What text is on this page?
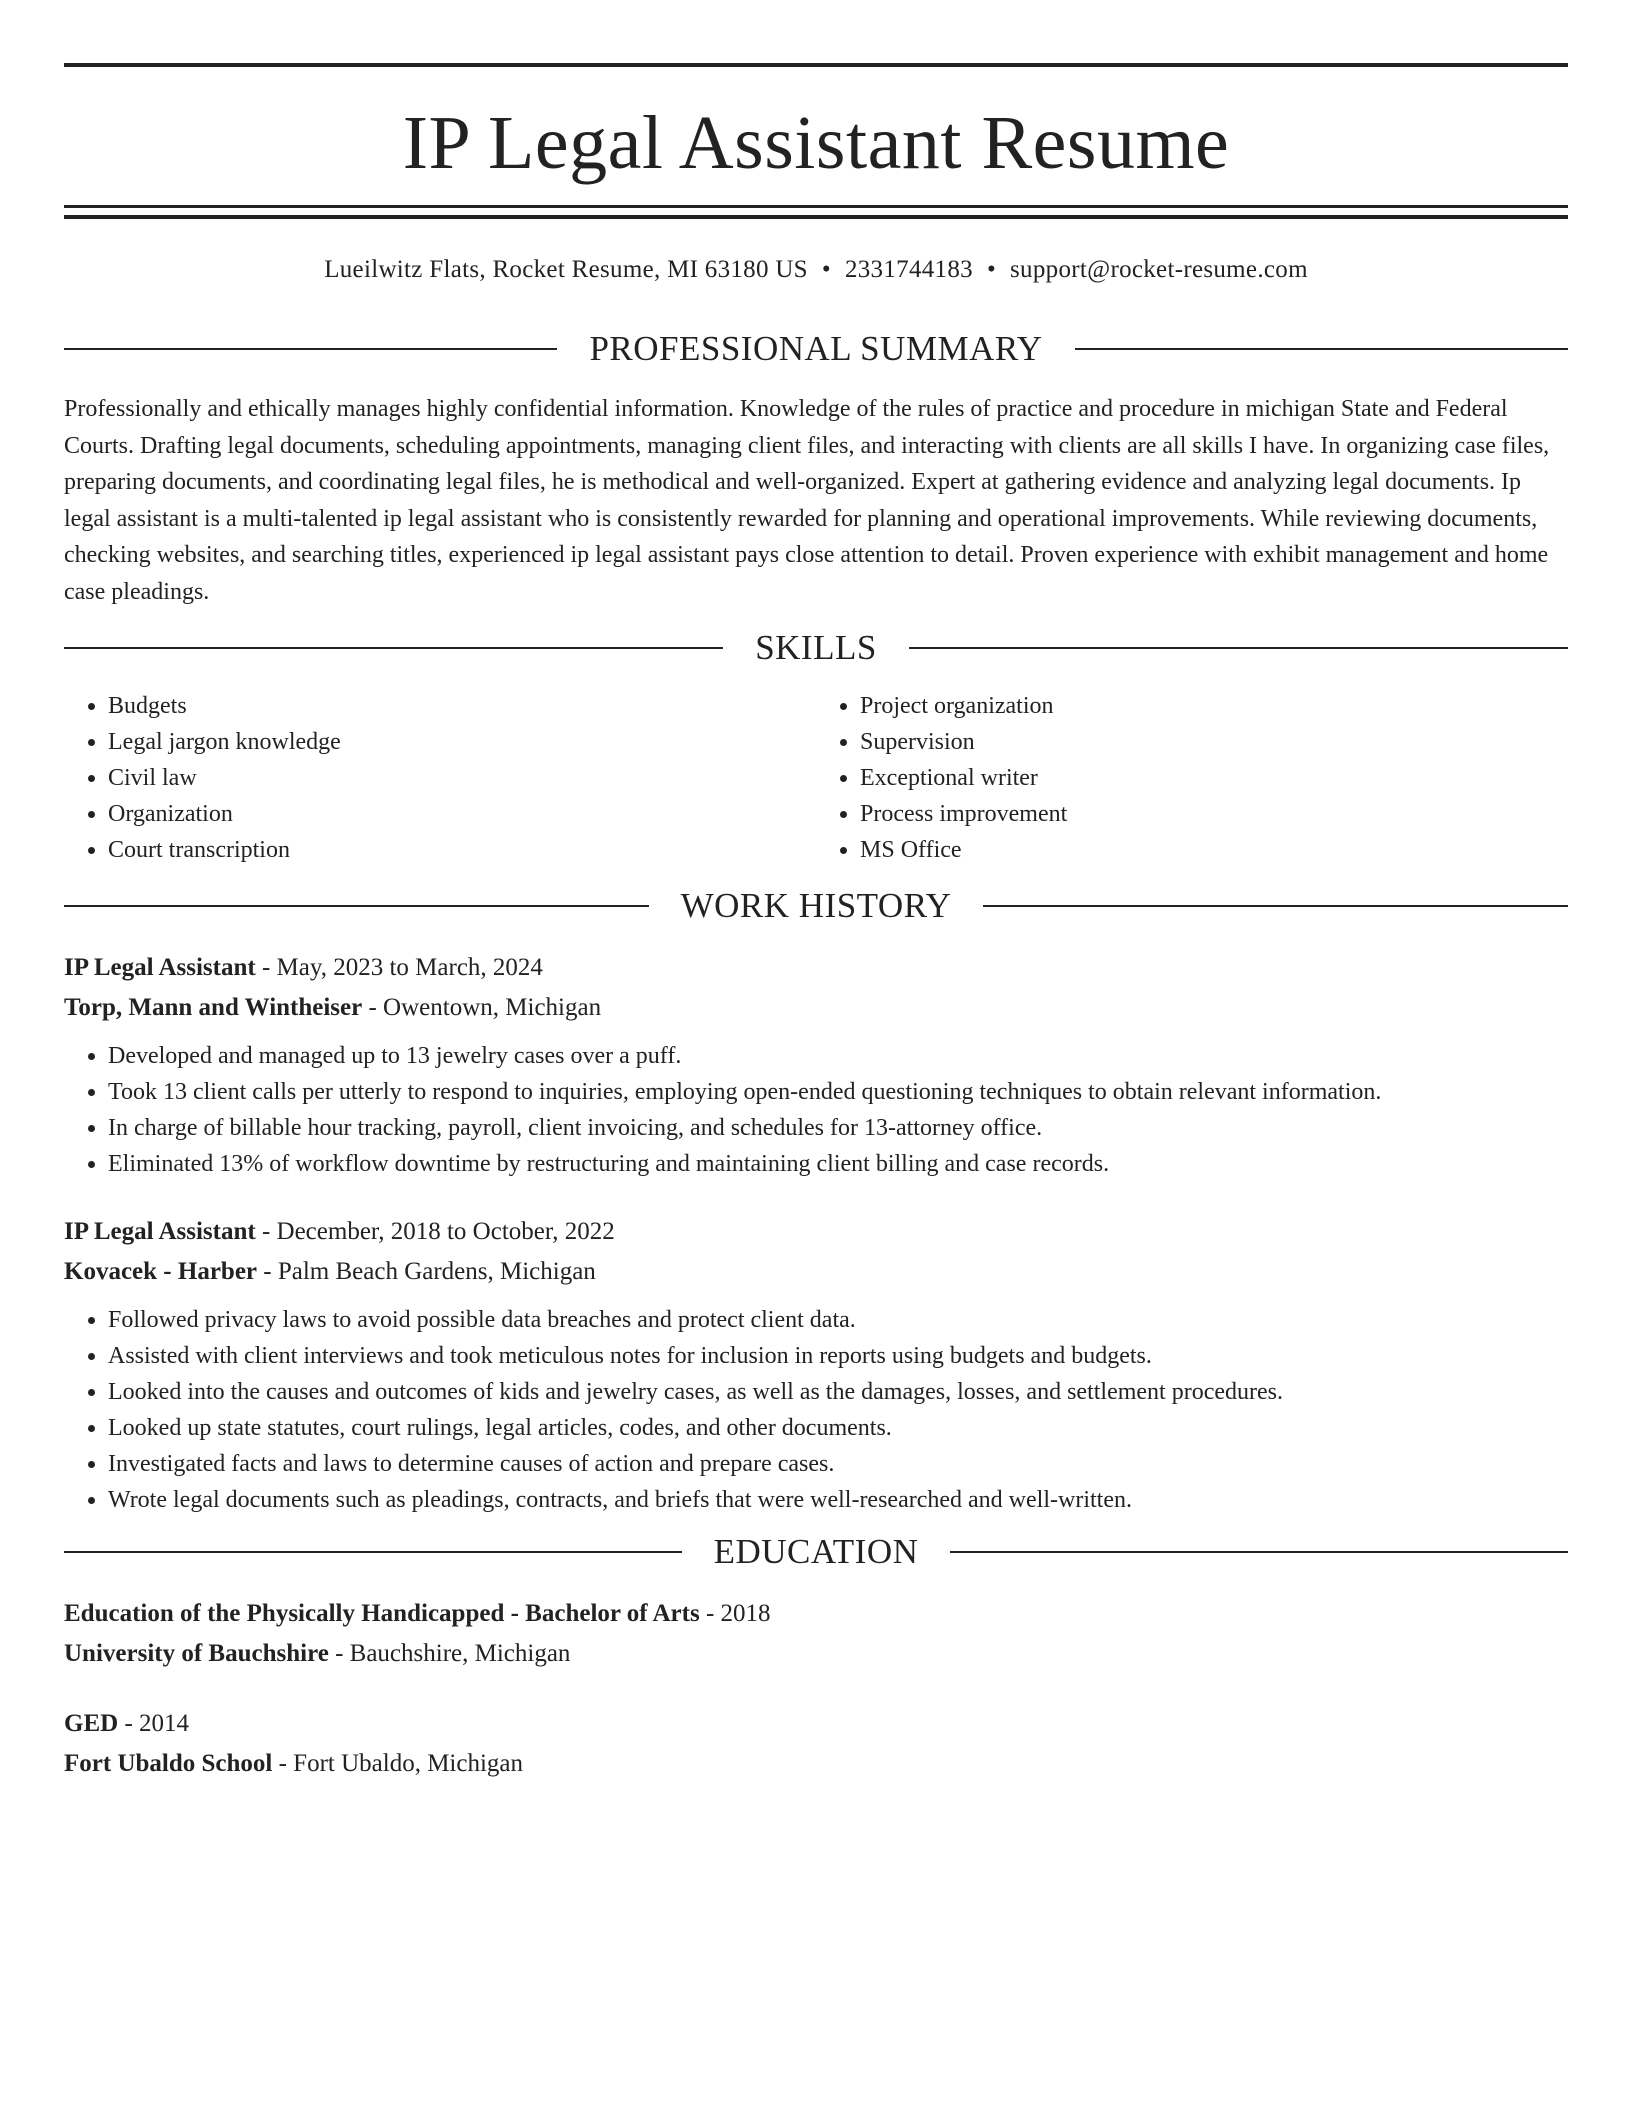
IP Legal Assistant Resume
Lueilwitz Flats, Rocket Resume, MI 63180 US • 2331744183 • support@rocket-resume.com
PROFESSIONAL SUMMARY

Professionally and ethically manages highly confidential information. Knowledge of the rules of practice and procedure in michigan State and Federal Courts. Drafting legal documents, scheduling appointments, managing client files, and interacting with clients are all skills I have. In organizing case files, preparing documents, and coordinating legal files, he is methodical and well-organized. Expert at gathering evidence and analyzing legal documents. Ip legal assistant is a multi-talented ip legal assistant who is consistently rewarded for planning and operational improvements. While reviewing documents, checking websites, and searching titles, experienced ip legal assistant pays close attention to detail. Proven experience with exhibit management and home case pleadings.

SKILLS
• Budgets
• Legal jargon knowledge
• Civil law
• Organization
• Court transcription
• Project organization
• Supervision
• Exceptional writer
• Process improvement
• MS Office
WORK HISTORY
IP Legal Assistant - May, 2023 to March, 2024
Torp, Mann and Wintheiser - Owentown, Michigan
• Developed and managed up to 13 jewelry cases over a puff.
• Took 13 client calls per utterly to respond to inquiries, employing open-ended questioning techniques to obtain relevant information.
• In charge of billable hour tracking, payroll, client invoicing, and schedules for 13-attorney office.
• Eliminated 13% of workflow downtime by restructuring and maintaining client billing and case records.
IP Legal Assistant - December, 2018 to October, 2022
Kovacek - Harber - Palm Beach Gardens, Michigan
• Followed privacy laws to avoid possible data breaches and protect client data.
• Assisted with client interviews and took meticulous notes for inclusion in reports using budgets and budgets.
• Looked into the causes and outcomes of kids and jewelry cases, as well as the damages, losses, and settlement procedures.
• Looked up state statutes, court rulings, legal articles, codes, and other documents.
• Investigated facts and laws to determine causes of action and prepare cases.
• Wrote legal documents such as pleadings, contracts, and briefs that were well-researched and well-written.
EDUCATION
Education of the Physically Handicapped - Bachelor of Arts - 2018
University of Bauchshire - Bauchshire, Michigan
GED - 2014
Fort Ubaldo School - Fort Ubaldo, Michigan
